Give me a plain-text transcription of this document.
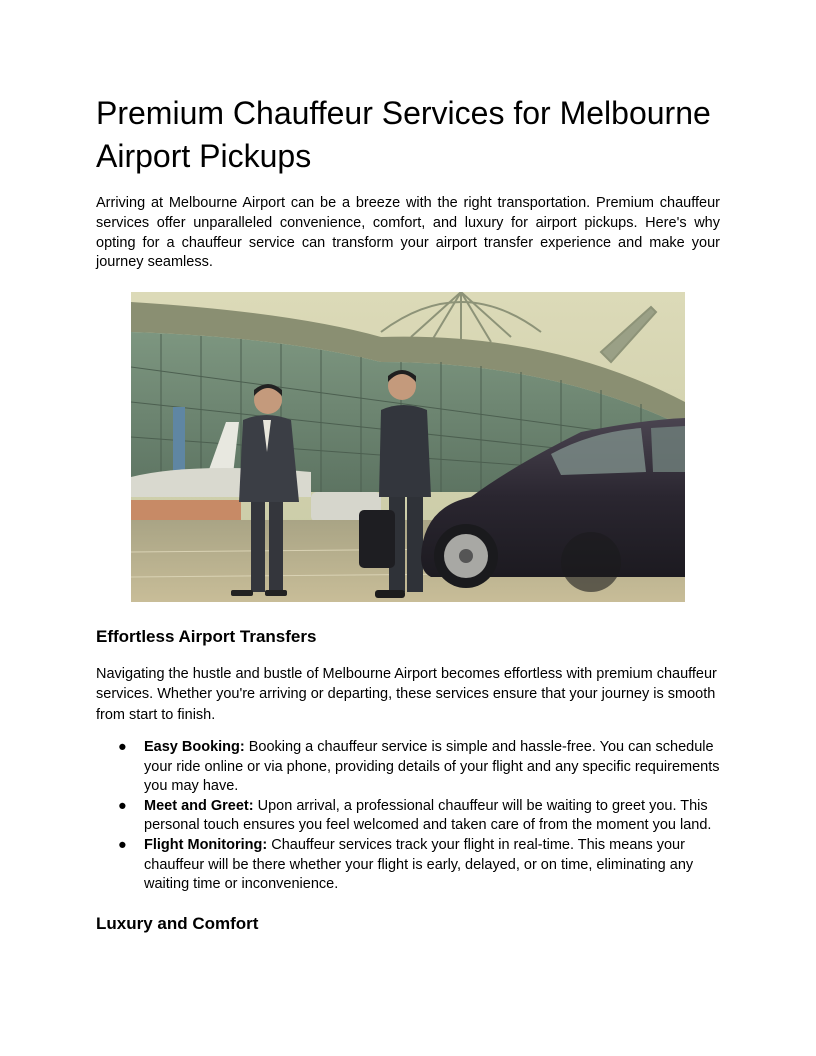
Premium Chauffeur Services for Melbourne Airport Pickups

Arriving at Melbourne Airport can be a breeze with the right transportation. Premium chauffeur services offer unparalleled convenience, comfort, and luxury for airport pickups. Here's why opting for a chauffeur service can transform your airport transfer experience and make your journey seamless.

Effortless Airport Transfers

Navigating the hustle and bustle of Melbourne Airport becomes effortless with premium chauffeur services. Whether you're arriving or departing, these services ensure that your journey is smooth from start to finish.

● Easy Booking: Booking a chauffeur service is simple and hassle-free. You can schedule your ride online or via phone, providing details of your flight and any specific requirements you may have.
● Meet and Greet: Upon arrival, a professional chauffeur will be waiting to greet you. This personal touch ensures you feel welcomed and taken care of from the moment you land.
● Flight Monitoring: Chauffeur services track your flight in real-time. This means your chauffeur will be there whether your flight is early, delayed, or on time, eliminating any waiting time or inconvenience.
Luxury and Comfort
